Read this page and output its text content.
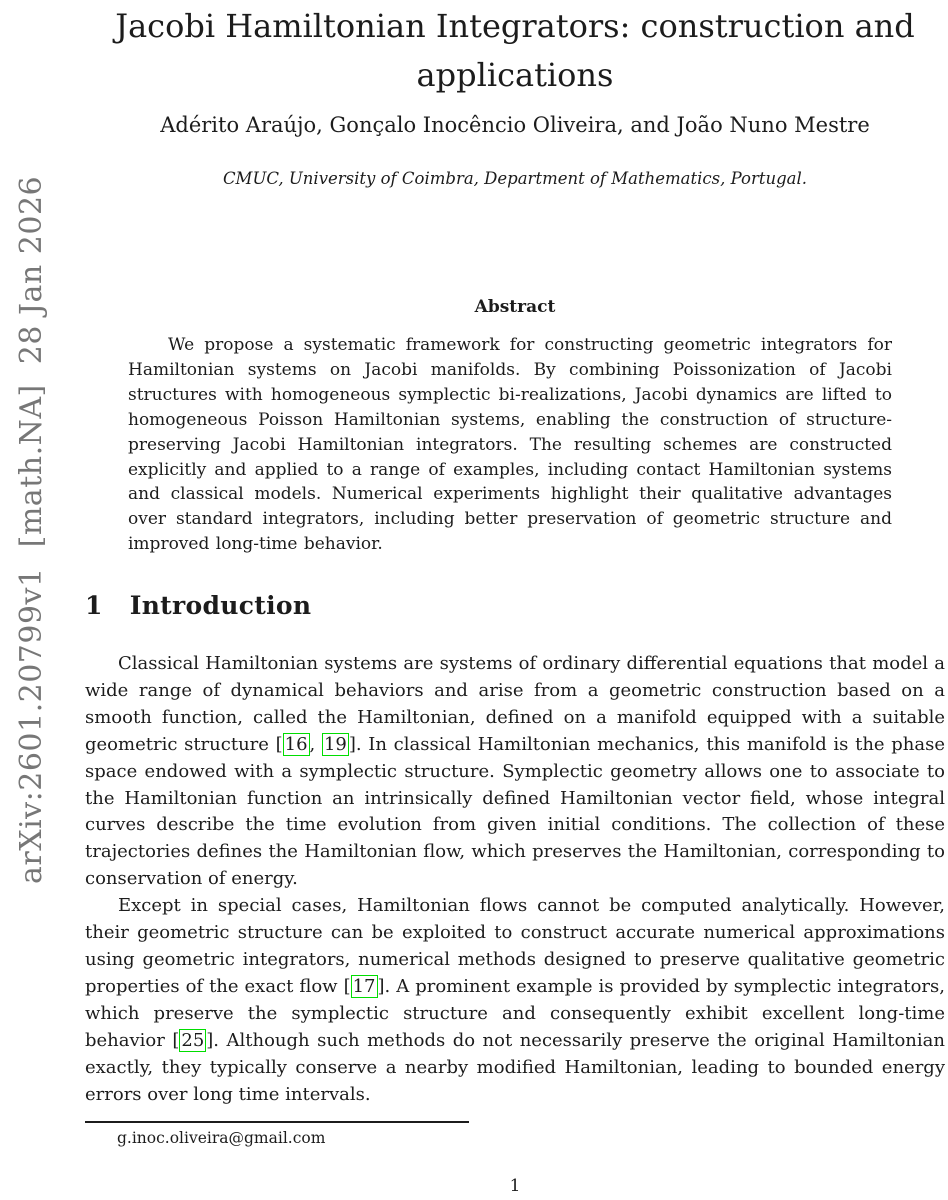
arXiv:2601.20799v1  [math.NA]  28 Jan 2026
Jacobi Hamiltonian Integrators: construction and
applications
Adérito Araújo, Gonçalo Inocêncio Oliveira, and João Nuno Mestre
CMUC, University of Coimbra, Department of Mathematics, Portugal.
Abstract

We propose a systematic framework for constructing geometric integrators for Hamiltonian systems on Jacobi manifolds. By combining Poissonization of Jacobi structures with homogeneous symplectic bi-realizations, Jacobi dynamics are lifted to homogeneous Poisson Hamiltonian systems, enabling the construction of structure-preserving Jacobi Hamiltonian integrators. The resulting schemes are constructed explicitly and applied to a range of examples, including contact Hamiltonian systems and classical models. Numerical experiments highlight their qualitative advantages over standard integrators, including better preservation of geometric structure and improved long-time behavior.

1 Introduction

Classical Hamiltonian systems are systems of ordinary differential equations that model a wide range of dynamical behaviors and arise from a geometric construction based on a smooth function, called the Hamiltonian, defined on a manifold equipped with a suitable geometric structure [ 16 , 19 ]. In classical Hamiltonian mechanics, this manifold is the phase space endowed with a symplectic structure. Symplectic geometry allows one to associate to the Hamiltonian function an intrinsically defined Hamiltonian vector field, whose integral curves describe the time evolution from given initial conditions. The collection of these trajectories defines the Hamiltonian flow, which preserves the Hamiltonian, corresponding to conservation of energy.

Except in special cases, Hamiltonian flows cannot be computed analytically. However, their geometric structure can be exploited to construct accurate numerical approximations using geometric integrators, numerical methods designed to preserve qualitative geometric properties of the exact flow [ 17 ]. A prominent example is provided by symplectic integrators, which preserve the symplectic structure and consequently exhibit excellent long-time behavior [ 25 ]. Although such methods do not necessarily preserve the original Hamiltonian exactly, they typically conserve a nearby modified Hamiltonian, leading to bounded energy errors over long time intervals.

g.inoc.oliveira@gmail.com
1
